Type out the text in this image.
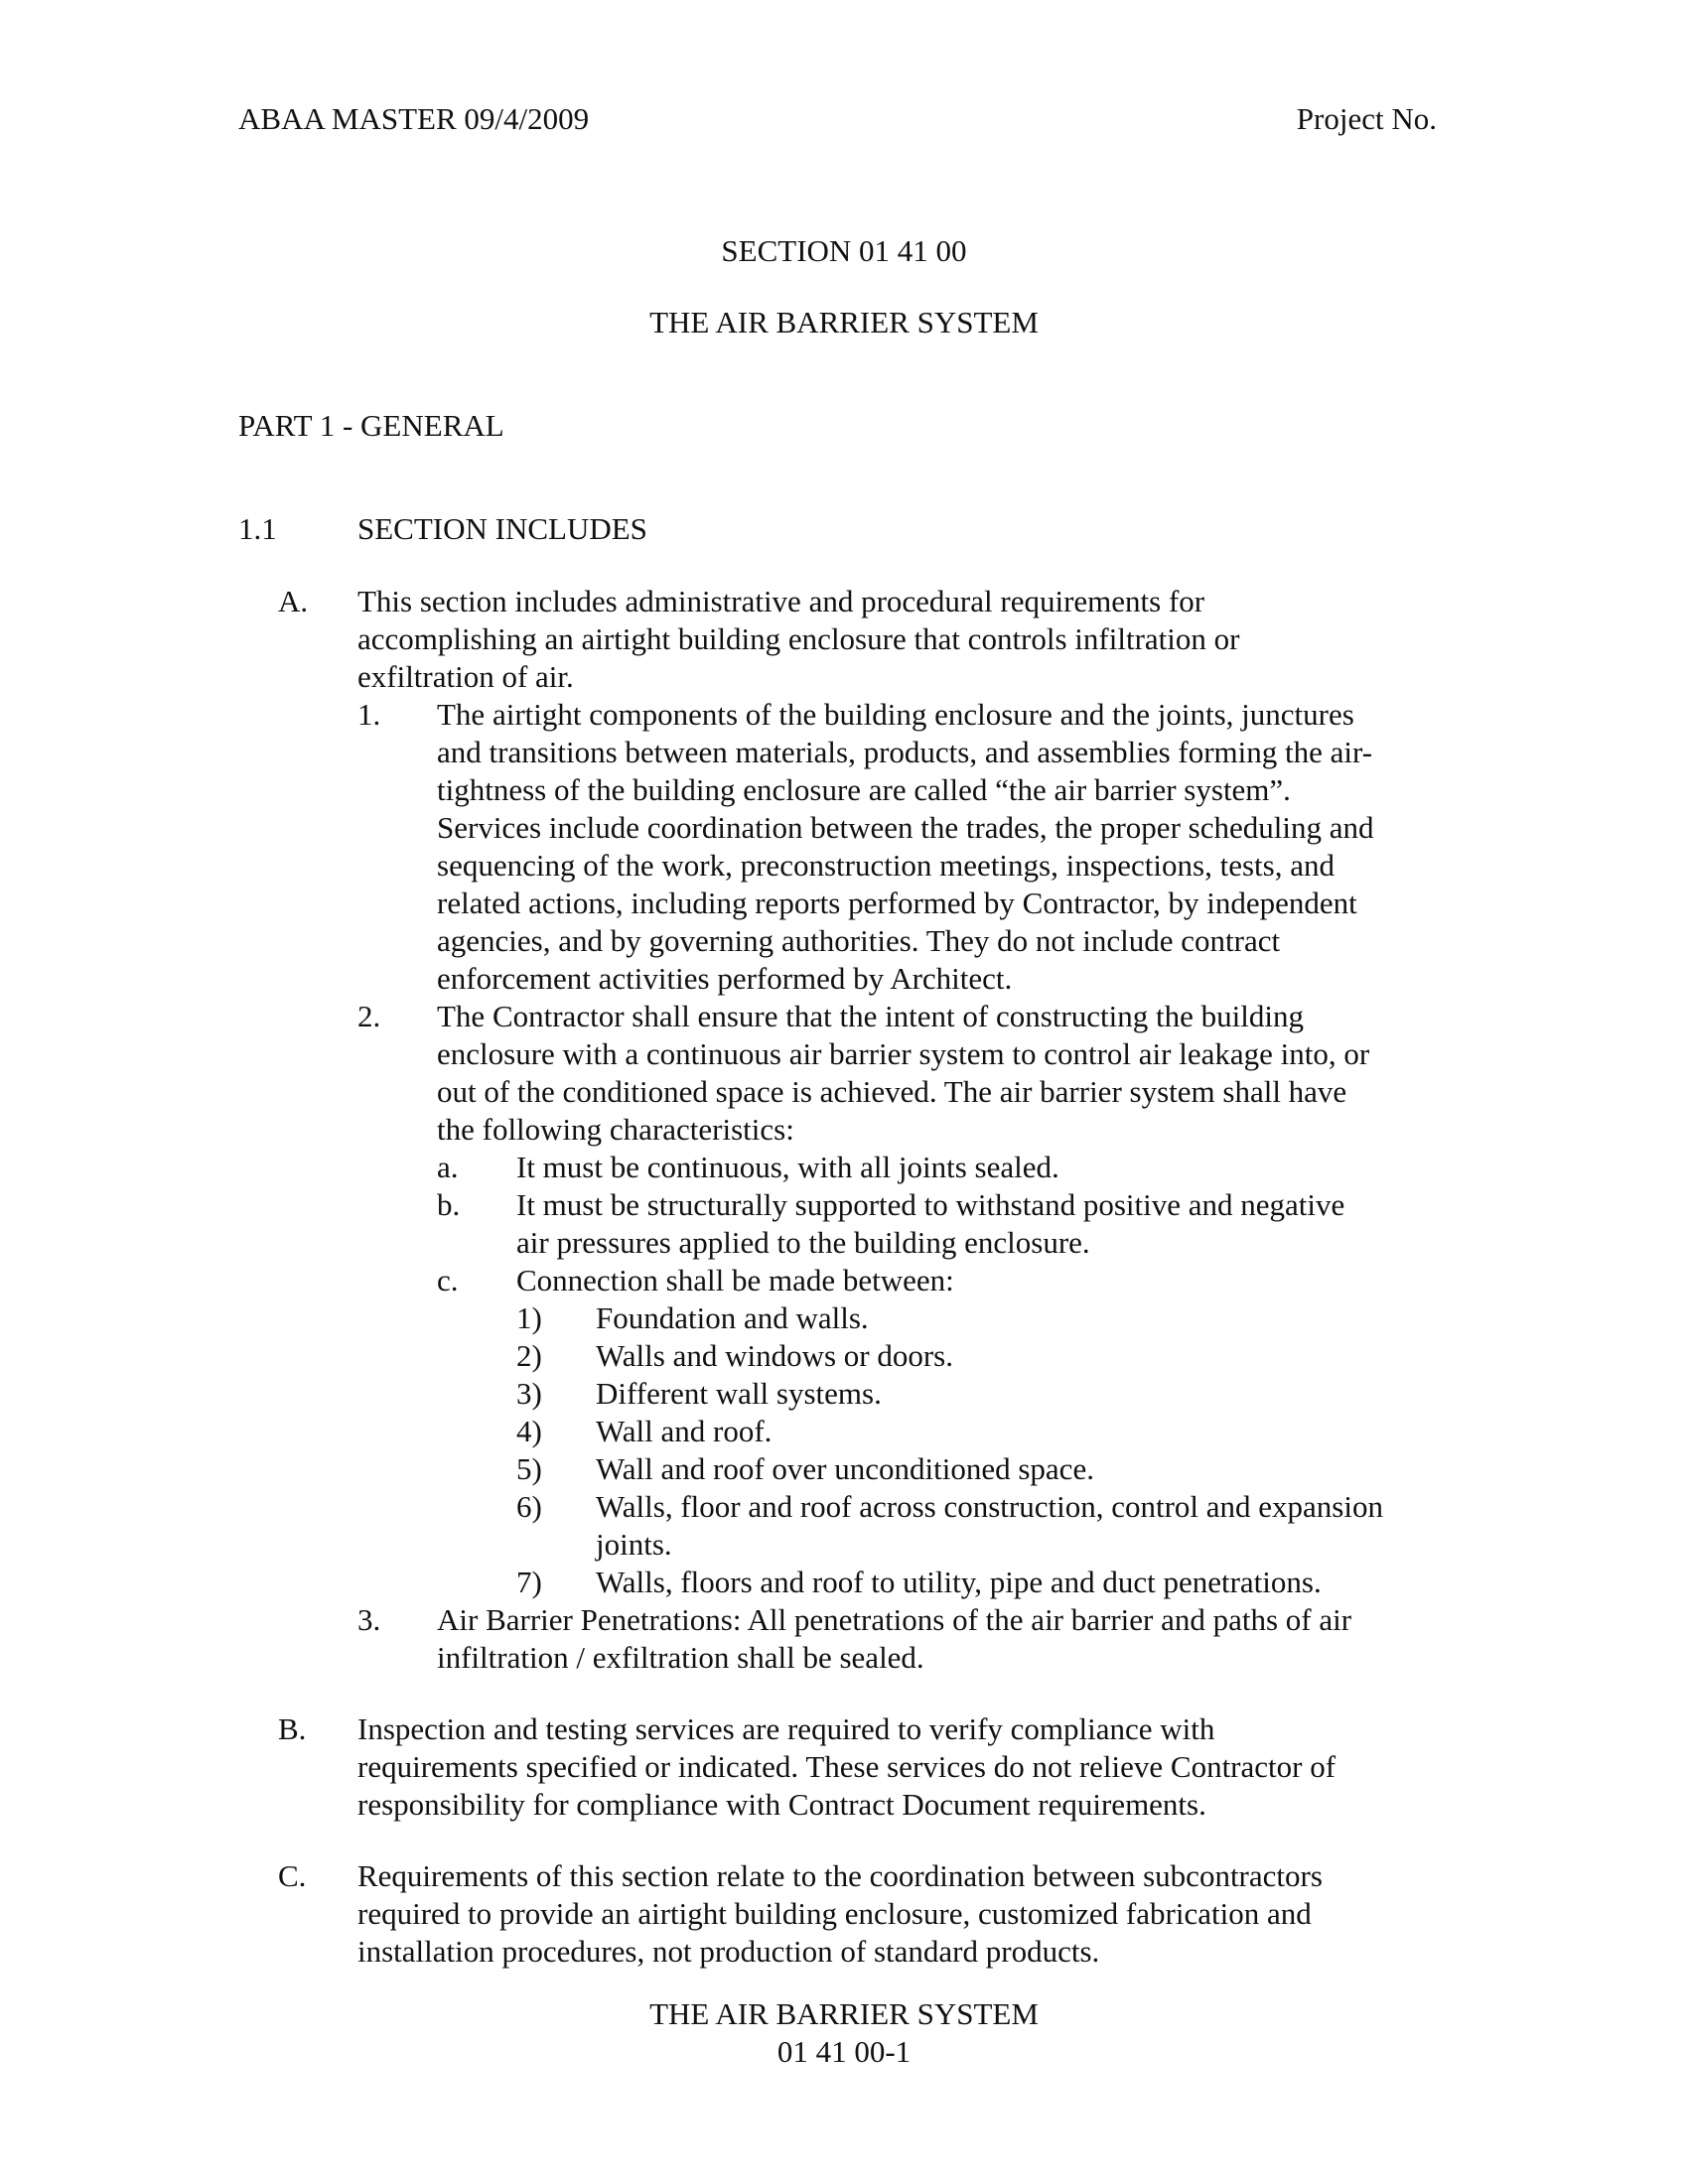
ABAA MASTER 09/4/2009	Project No.
SECTION 01 41 00
THE AIR BARRIER SYSTEM
PART 1 - GENERAL
1.1	SECTION INCLUDES
A. This section includes administrative and procedural requirements for
accomplishing an airtight building enclosure that controls infiltration or
exfiltration of air.
1. The airtight components of the building enclosure and the joints, junctures
and transitions between materials, products, and assemblies forming the air-
tightness of the building enclosure are called “the air barrier system”.
Services include coordination between the trades, the proper scheduling and
sequencing of the work, preconstruction meetings, inspections, tests, and
related actions, including reports performed by Contractor, by independent
agencies, and by governing authorities. They do not include contract
enforcement activities performed by Architect.
2. The Contractor shall ensure that the intent of constructing the building
enclosure with a continuous air barrier system to control air leakage into, or
out of the conditioned space is achieved. The air barrier system shall have
the following characteristics:
a. It must be continuous, with all joints sealed.
b. It must be structurally supported to withstand positive and negative
air pressures applied to the building enclosure.
c. Connection shall be made between:
1) Foundation and walls.
2) Walls and windows or doors.
3) Different wall systems.
4) Wall and roof.
5) Wall and roof over unconditioned space.
6) Walls, floor and roof across construction, control and expansion
joints.
7) Walls, floors and roof to utility, pipe and duct penetrations.
3. Air Barrier Penetrations: All penetrations of the air barrier and paths of air
infiltration / exfiltration shall be sealed.
B. Inspection and testing services are required to verify compliance with
requirements specified or indicated. These services do not relieve Contractor of
responsibility for compliance with Contract Document requirements.
C. Requirements of this section relate to the coordination between subcontractors
required to provide an airtight building enclosure, customized fabrication and
installation procedures, not production of standard products.
THE AIR BARRIER SYSTEM
01 41 00-1
